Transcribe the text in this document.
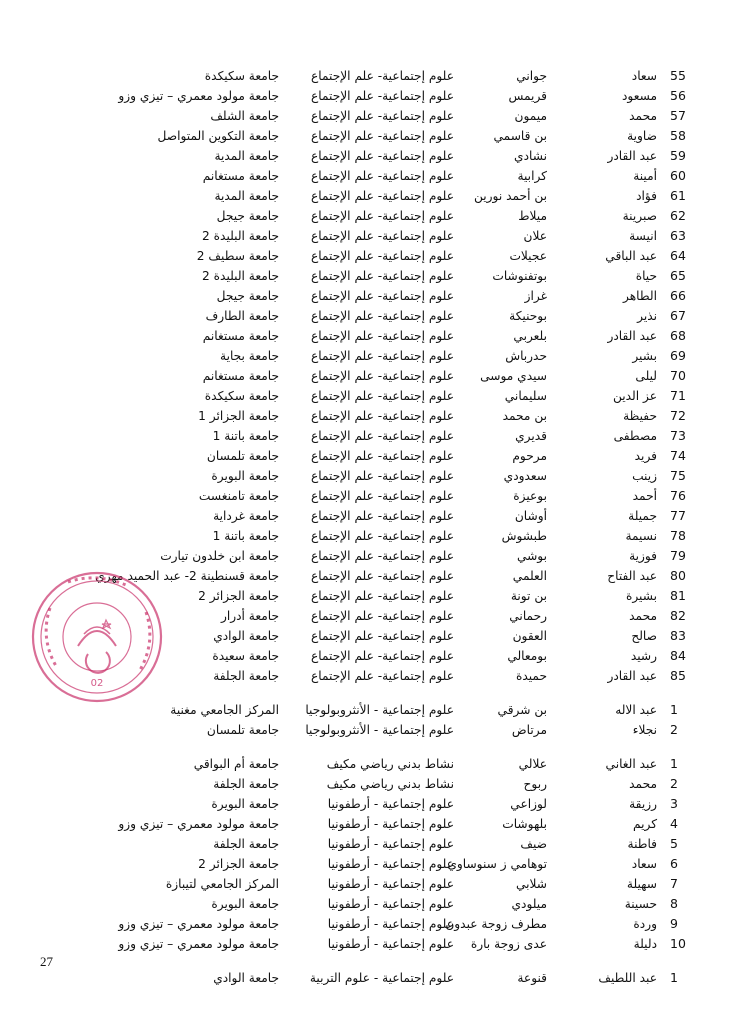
55
سعاد
جواني
علوم إجتماعية- علم الإجتماع
جامعة سكيكدة
56
مسعود
قريمس
علوم إجتماعية- علم الإجتماع
جامعة مولود معمري – تيزي وزو
57
محمد
ميمون
علوم إجتماعية- علم الإجتماع
جامعة الشلف
58
ضاوية
بن قاسمي
علوم إجتماعية- علم الإجتماع
جامعة التكوين المتواصل
59
عبد القادر
نشادي
علوم إجتماعية- علم الإجتماع
جامعة المدية
60
أمينة
كرابية
علوم إجتماعية- علم الإجتماع
جامعة مستغانم
61
فؤاد
بن أحمد نورين
علوم إجتماعية- علم الإجتماع
جامعة المدية
62
صبرينة
ميلاط
علوم إجتماعية- علم الإجتماع
جامعة جيجل
63
انيسة
علان
علوم إجتماعية- علم الإجتماع
جامعة البليدة 2
64
عبد الباقي
عجيلات
علوم إجتماعية- علم الإجتماع
جامعة سطيف 2
65
حياة
بوتفنوشات
علوم إجتماعية- علم الإجتماع
جامعة البليدة 2
66
الطاهر
غراز
علوم إجتماعية- علم الإجتماع
جامعة جيجل
67
نذير
بوحنيكة
علوم إجتماعية- علم الإجتماع
جامعة الطارف
68
عبد القادر
بلعربي
علوم إجتماعية- علم الإجتماع
جامعة مستغانم
69
بشير
حدرباش
علوم إجتماعية- علم الإجتماع
جامعة بجاية
70
ليلى
سيدي موسى
علوم إجتماعية- علم الإجتماع
جامعة مستغانم
71
عز الدين
سليماني
علوم إجتماعية- علم الإجتماع
جامعة سكيكدة
72
حفيظة
بن محمد
علوم إجتماعية- علم الإجتماع
جامعة الجزائر 1
73
مصطفى
قديري
علوم إجتماعية- علم الإجتماع
جامعة باتنة 1
74
فريد
مرحوم
علوم إجتماعية- علم الإجتماع
جامعة تلمسان
75
زينب
سعدودي
علوم إجتماعية- علم الإجتماع
جامعة البويرة
76
أحمد
بوعيزة
علوم إجتماعية- علم الإجتماع
جامعة تامنغست
77
جميلة
أوشان
علوم إجتماعية- علم الإجتماع
جامعة غرداية
78
نسيمة
طبشوش
علوم إجتماعية- علم الإجتماع
جامعة باتنة 1
79
فوزية
بوشي
علوم إجتماعية- علم الإجتماع
جامعة ابن خلدون تيارت
80
عبد الفتاح
العلمي
علوم إجتماعية- علم الإجتماع
جامعة قسنطينة 2- عبد الحميد مهري
81
بشيرة
بن تونة
علوم إجتماعية- علم الإجتماع
جامعة الجزائر 2
82
محمد
رحماني
علوم إجتماعية- علم الإجتماع
جامعة أدرار
83
صالح
العقون
علوم إجتماعية- علم الإجتماع
جامعة الوادي
84
رشيد
بومعالي
علوم إجتماعية- علم الإجتماع
جامعة سعيدة
85
عبد القادر
حميدة
علوم إجتماعية- علم الإجتماع
جامعة الجلفة
1
عبد الاله
بن شرقي
علوم إجتماعية - الأنثروبولوجيا
المركز الجامعي مغنية
2
نجلاء
مرتاض
علوم إجتماعية - الأنثروبولوجيا
جامعة تلمسان
1
عبد الغاني
علالي
نشاط بدني رياضي مكيف
جامعة أم البواقي
2
محمد
ربوح
نشاط بدني رياضي مكيف
جامعة الجلفة
3
رزيقة
لوزاعي
علوم إجتماعية - أرطفونيا
جامعة البويرة
4
كريم
بلهوشات
علوم إجتماعية - أرطفونيا
جامعة مولود معمري – تيزي وزو
5
فاطنة
ضيف
علوم إجتماعية - أرطفونيا
جامعة الجلفة
6
سعاد
توهامي ز سنوساوي
علوم إجتماعية - أرطفونيا
جامعة الجزائر 2
7
سهيلة
شلابي
علوم إجتماعية - أرطفونيا
المركز الجامعي لتيبازة
8
حسينة
ميلودي
علوم إجتماعية - أرطفونيا
جامعة البويرة
9
وردة
مطرف زوجة عبدون
علوم إجتماعية - أرطفونيا
جامعة مولود معمري – تيزي وزو
10
دليلة
عدى زوجة بارة
علوم إجتماعية - أرطفونيا
جامعة مولود معمري – تيزي وزو
1
عبد اللطيف
قنوعة
علوم إجتماعية - علوم التربية
جامعة الوادي
02
27
